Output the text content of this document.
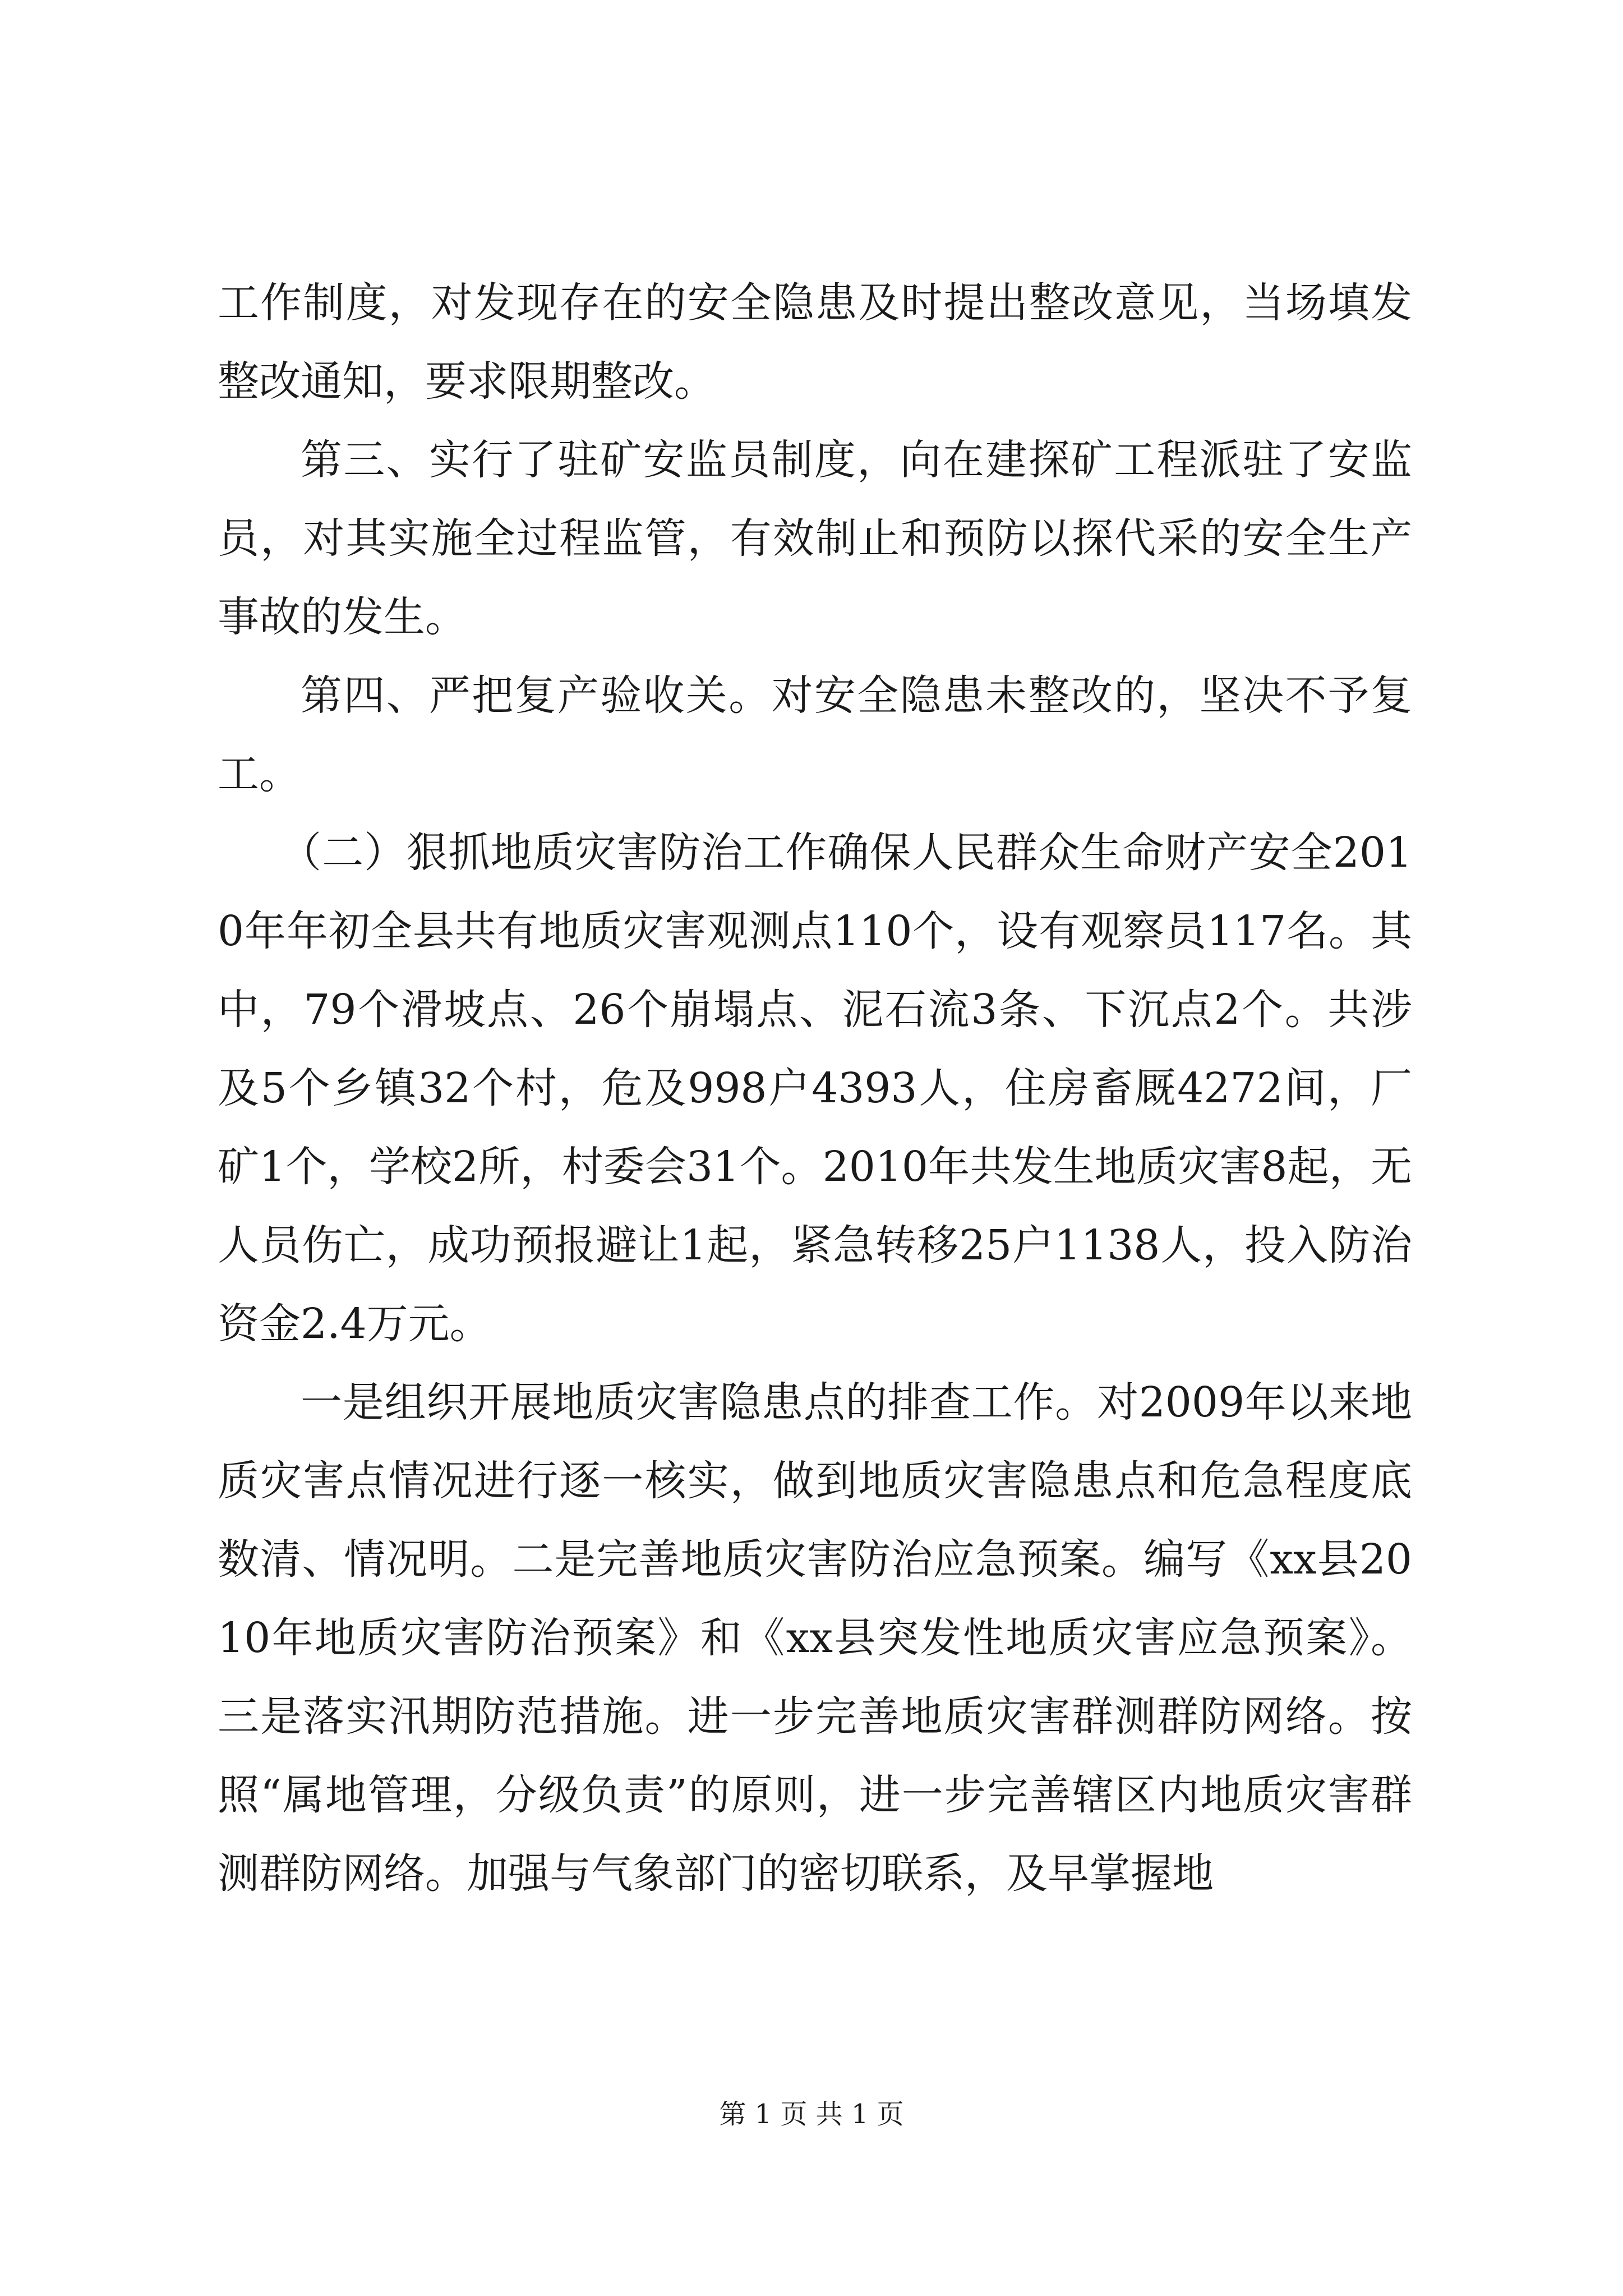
工作制度，对发现存在的安全隐患及时提出整改意见，当场填发整改通知，要求限期整改。

第三、实行了驻矿安监员制度，向在建探矿工程派驻了安监员，对其实施全过程监管，有效制止和预防以探代采的安全生产事故的发生。

第四、严把复产验收关。对安全隐患未整改的，坚决不予复工。

（二）狠抓地质灾害防治工作确保人民群众生命财产安全2010年年初全县共有地质灾害观测点110个，设有观察员117名。其中，79个滑坡点、26个崩塌点、泥石流3条、下沉点2个。共涉及5个乡镇32个村，危及998户4393人，住房畜厩4272间，厂矿1个，学校2所，村委会31个。2010年共发生地质灾害8起，无人员伤亡，成功预报避让1起，紧急转移25户1138人，投入防治资金2.4万元。

一是组织开展地质灾害隐患点的排查工作。对2009年以来地质灾害点情况进行逐一核实，做到地质灾害隐患点和危急程度底数清、情况明。二是完善地质灾害防治应急预案。编写《xx县2010年地质灾害防治预案》和《xx县突发性地质灾害应急预案》。三是落实汛期防范措施。进一步完善地质灾害群测群防网络。按照“属地管理，分级负责”的原则，进一步完善辖区内地质灾害群测群防网络。加强与气象部门的密切联系，及早掌握地

第 1 页 共 1 页
